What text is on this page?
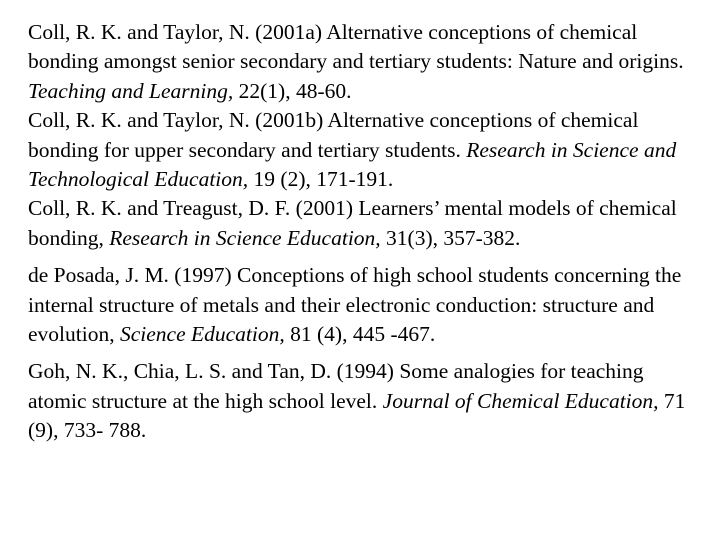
Coll, R. K. and Taylor, N. (2001a) Alternative conceptions of chemical bonding amongst senior secondary and tertiary students: Nature and origins. Teaching and Learning, 22(1), 48-60.

Coll, R. K. and Taylor, N. (2001b) Alternative conceptions of chemical bonding for upper secondary and tertiary students. Research in Science and Technological Education, 19 (2), 171-191.

Coll, R. K. and Treagust, D. F. (2001) Learners’ mental models of chemical bonding, Research in Science Education, 31(3), 357-382.

de Posada, J. M. (1997) Conceptions of high school students concerning the internal structure of metals and their electronic conduction: structure and evolution, Science Education, 81 (4), 445 -467.

Goh, N. K., Chia, L. S. and Tan, D. (1994) Some analogies for teaching atomic structure at the high school level. Journal of Chemical Education, 71 (9), 733- 788.
